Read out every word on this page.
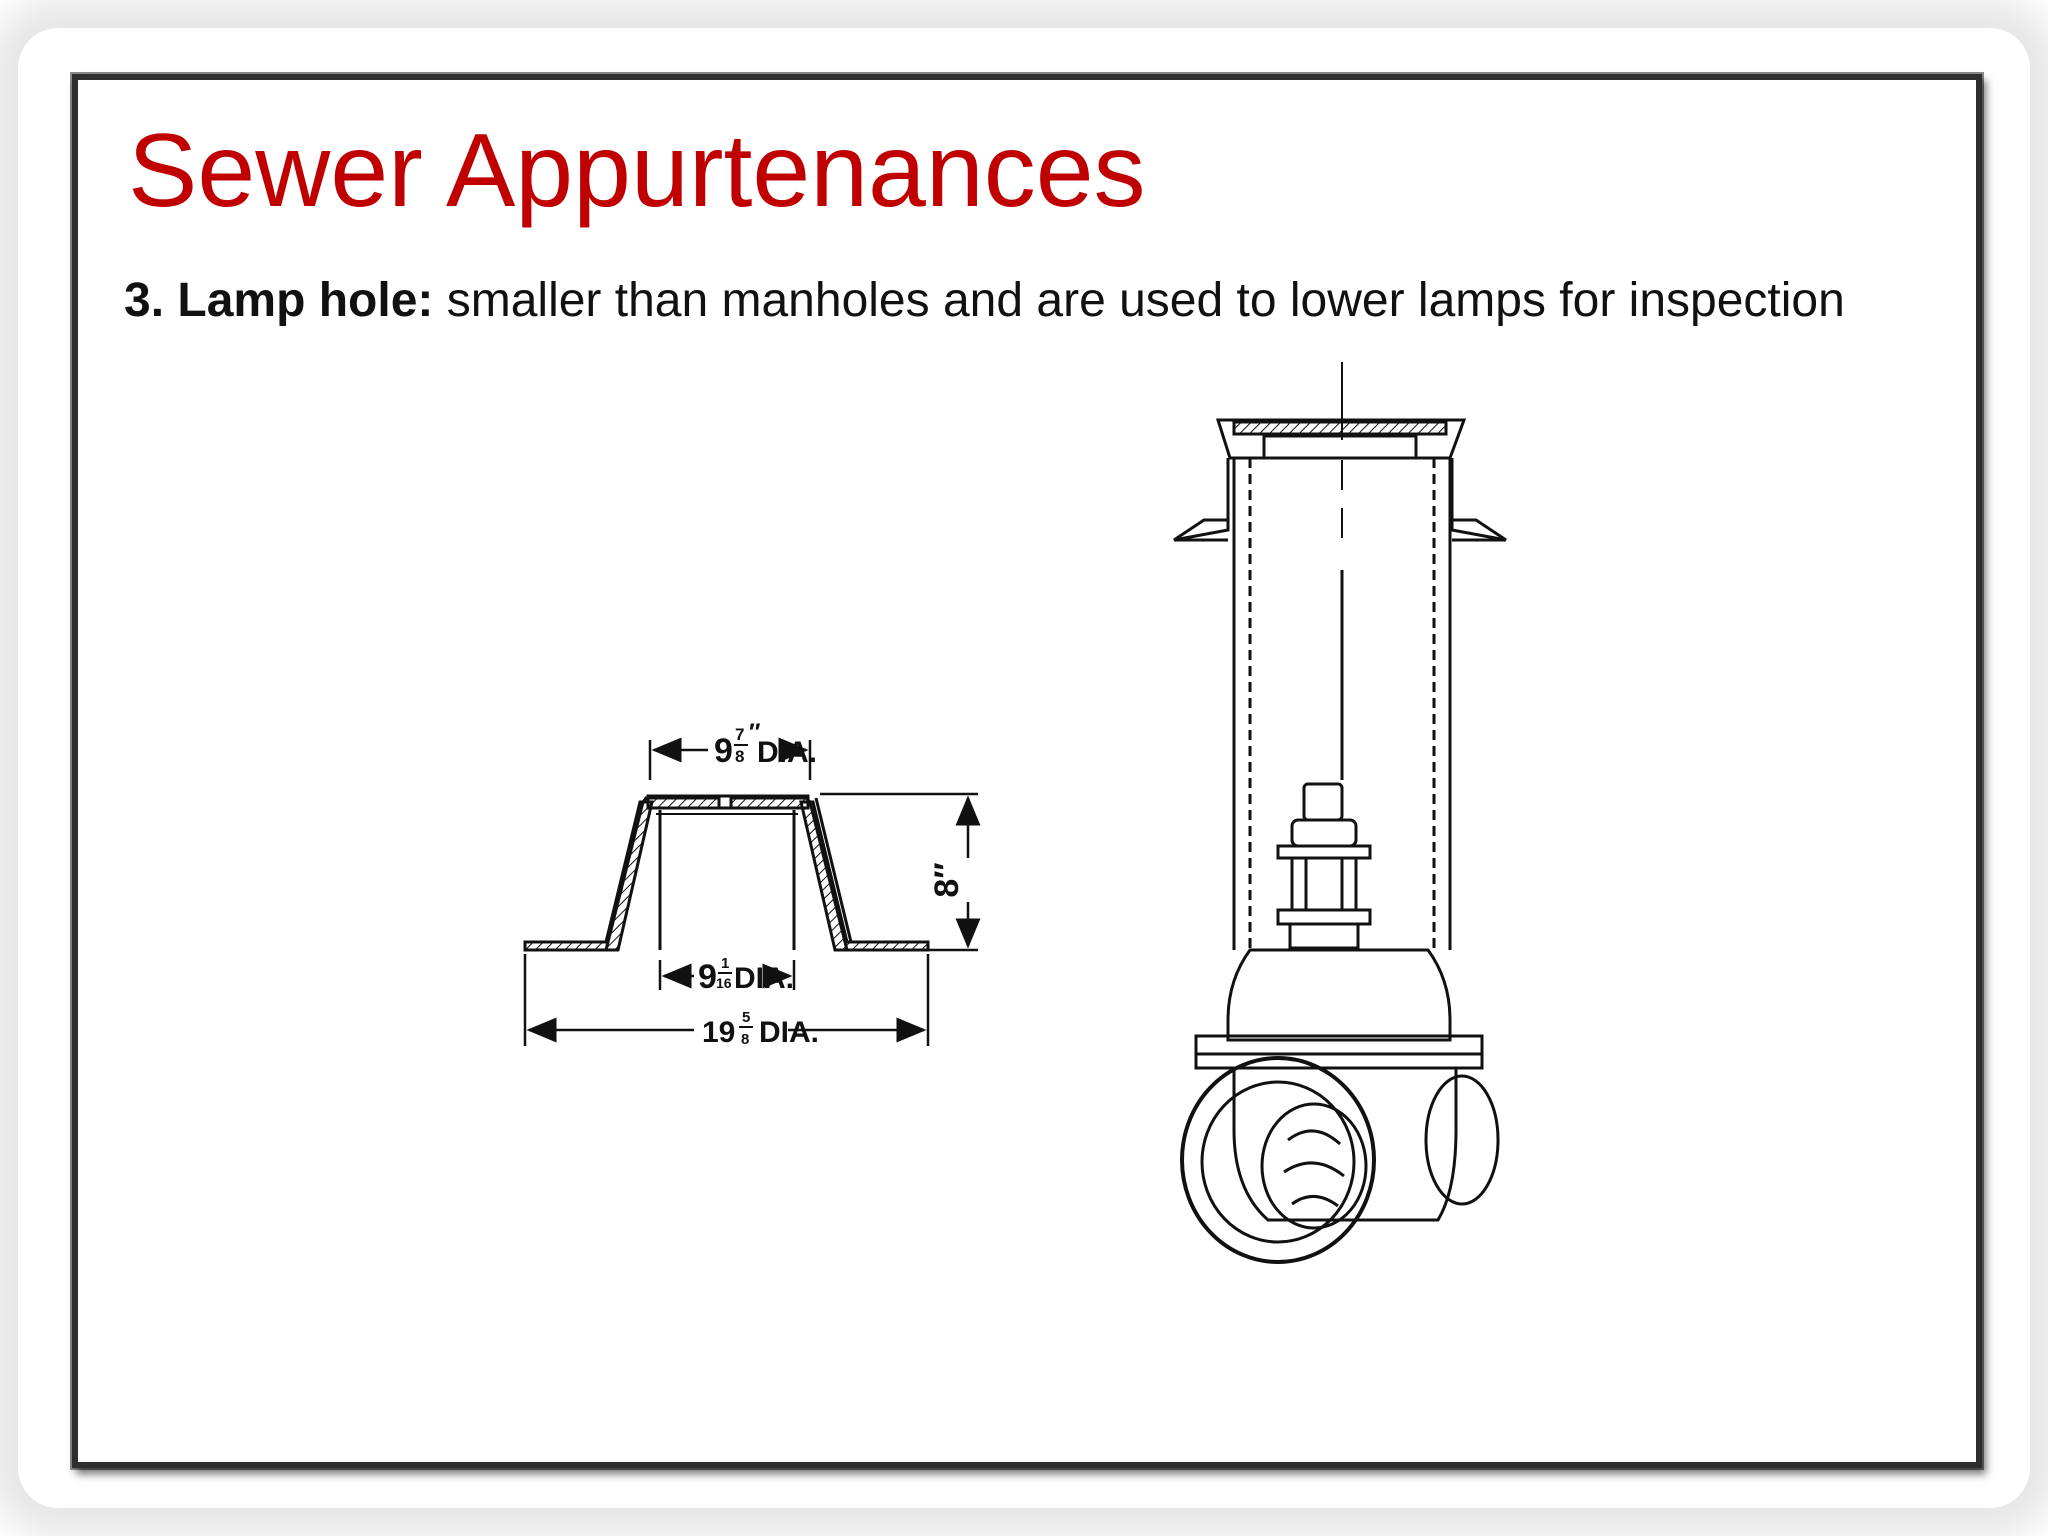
Sewer Appurtenances

3. Lamp hole: smaller than manholes and are used to lower lamps for inspection

9 7
8
″
DIA.
8″
9 1
16 DIA.
19 5
8 DIA.
